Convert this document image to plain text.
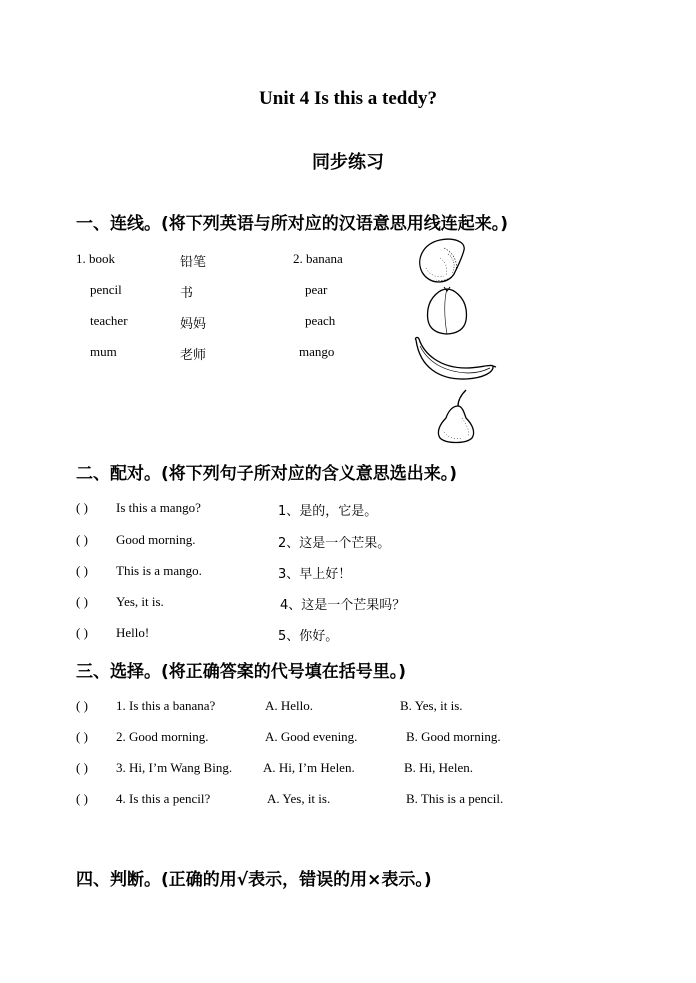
Unit 4 Is this a teddy?
同步练习
一、连线。(将下列英语与所对应的汉语意思用线连起来。)
1. book
pencil
teacher
mum
铅笔
书
妈妈
老师
2. banana
pear
peach
mango
二、配对。(将下列句子所对应的含义意思选出来。)
( ) Is this a mango?	1、是的，它是。
( ) Good morning.	2、这是一个芒果。
( ) This is a mango.	3、早上好！
( ) Yes, it is.	4、这是一个芒果吗？
( ) Hello!	5、你好。
三、选择。(将正确答案的代号填在括号里。)
( ) 1. Is this a banana?	A. Hello.	B. Yes, it is.
( ) 2. Good morning.	A. Good evening.	B. Good morning.
( ) 3. Hi, I’m Wang Bing. A. Hi, I’m Helen.	B. Hi, Helen.
( ) 4. Is this a pencil?	A. Yes, it is.	B. This is a pencil.
四、判断。(正确的用√表示，错误的用×表示。)
